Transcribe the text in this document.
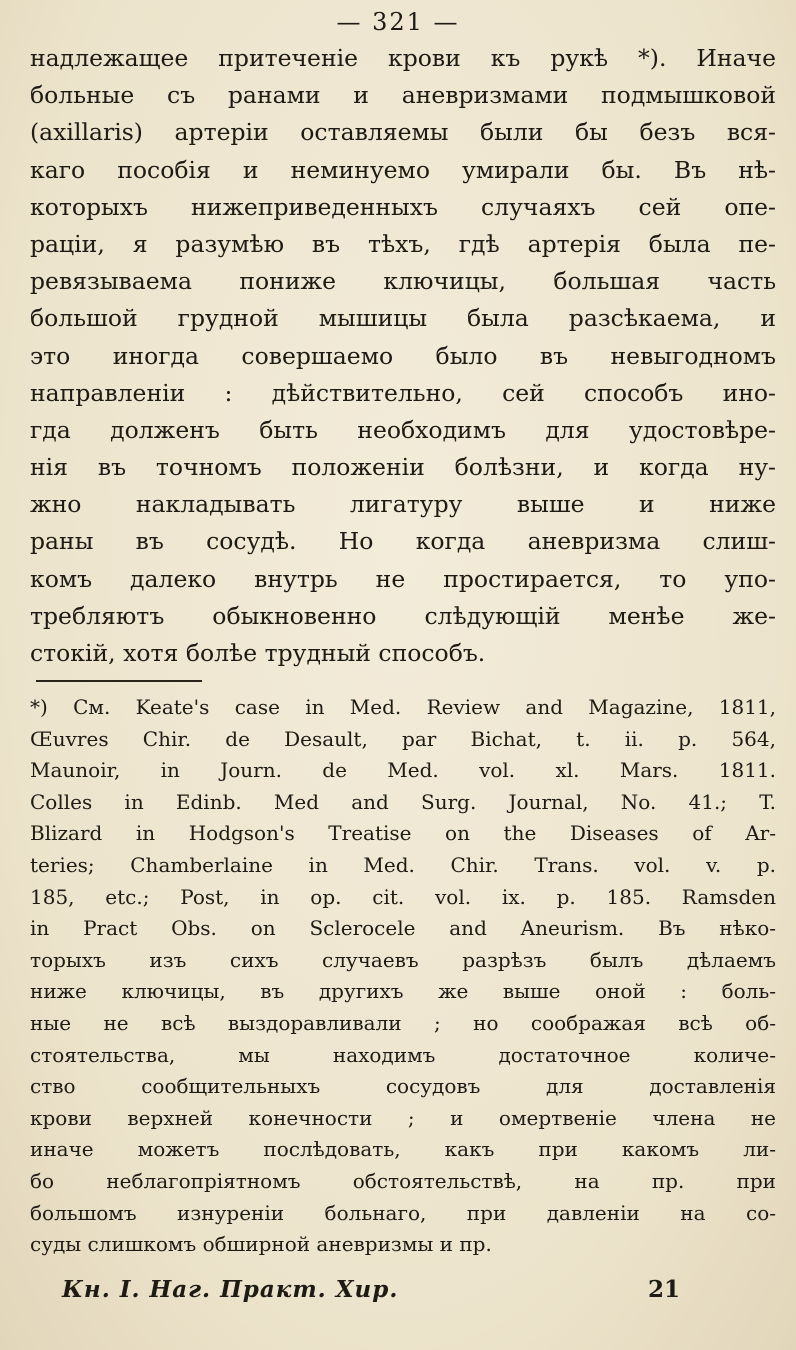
— 321 —
надлежащее притеченіе крови къ рукѣ *). Иначе
больные съ ранами и аневризмами подмышковой
(axillaris) артеріи оставляемы были бы безъ вся-
каго пособія и неминуемо умирали бы. Въ нѣ-
которыхъ нижеприведенныхъ случаяхъ сей опе-
раціи, я разумѣю въ тѣхъ, гдѣ артерія была пе-
ревязываема пониже ключицы, большая часть
большой грудной мышицы была разсѣкаема, и
это иногда совершаемо было въ невыгодномъ
направленіи : дѣйствительно, сей способъ ино-
гда долженъ быть необходимъ для удостовѣре-
нія въ точномъ положеніи болѣзни, и когда ну-
жно накладывать лигатуру выше и ниже
раны въ сосудѣ. Но когда аневризма слиш-
комъ далеко внутрь не простирается, то упо-
требляютъ обыкновенно слѣдующій менѣе же-
стокій, хотя болѣе трудный способъ.
*) См. Keate's case in Med. Review and Magazine, 1811,
Œuvres Chir. de Desault, par Bichat, t. ii. p. 564,
Maunoir, in Journ. de Med. vol. xl. Mars. 1811.
Colles in Edinb. Med and Surg. Journal, No. 41.; T.
Blizard in Hodgson's Treatise on the Diseases of Ar-
teries; Chamberlaine in Med. Chir. Trans. vol. v. p.
185, etc.; Post, in op. cit. vol. ix. p. 185. Ramsden
in Pract Obs. on Sclerocele and Aneurism. Въ нѣко-
торыхъ изъ сихъ случаевъ разрѣзъ былъ дѣлаемъ
ниже ключицы, въ другихъ же выше оной : боль-
ные не всѣ выздоравливали ; но соображая всѣ об-
стоятельства, мы находимъ достаточное количе-
ство сообщительныхъ сосудовъ для доставленія
крови верхней конечности ; и омертвеніе члена не
иначе можетъ послѣдовать, какъ при какомъ ли-
бо неблагопріятномъ обстоятельствѣ, на пр. при
большомъ изнуреніи больнаго, при давленіи на со-
суды слишкомъ обширной аневризмы и пр.
Кн. I. Наг. Практ. Хир.	21
